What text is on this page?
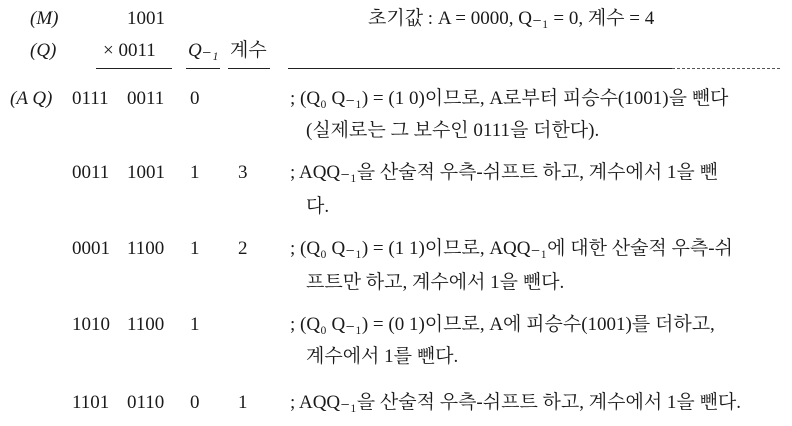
(M)	1001	초기값 : A = 0000, Q₋₁ = 0, 계수 = 4
(Q) × 0011 Q₋₁ 계수
(A Q) 0111 0011 0	; (Q₀ Q₋₁) = (1 0)이므로, A로부터 피승수(1001)을 뺀다
(실제로는 그 보수인 0111을 더한다).
0011 1001 1 3 ; AQQ₋₁을 산술적 우측-쉬프트 하고, 계수에서 1을 뺀
다.
0001 1100 1 2 ; (Q₀ Q₋₁) = (1 1)이므로, AQQ₋₁에 대한 산술적 우측-쉬
프트만 하고, 계수에서 1을 뺀다.
1010 1100 1	; (Q₀ Q₋₁) = (0 1)이므로, A에 피승수(1001)를 더하고,
계수에서 1를 뺀다.
1101 0110 0 1 ; AQQ₋₁을 산술적 우측-쉬프트 하고, 계수에서 1을 뺀다.
